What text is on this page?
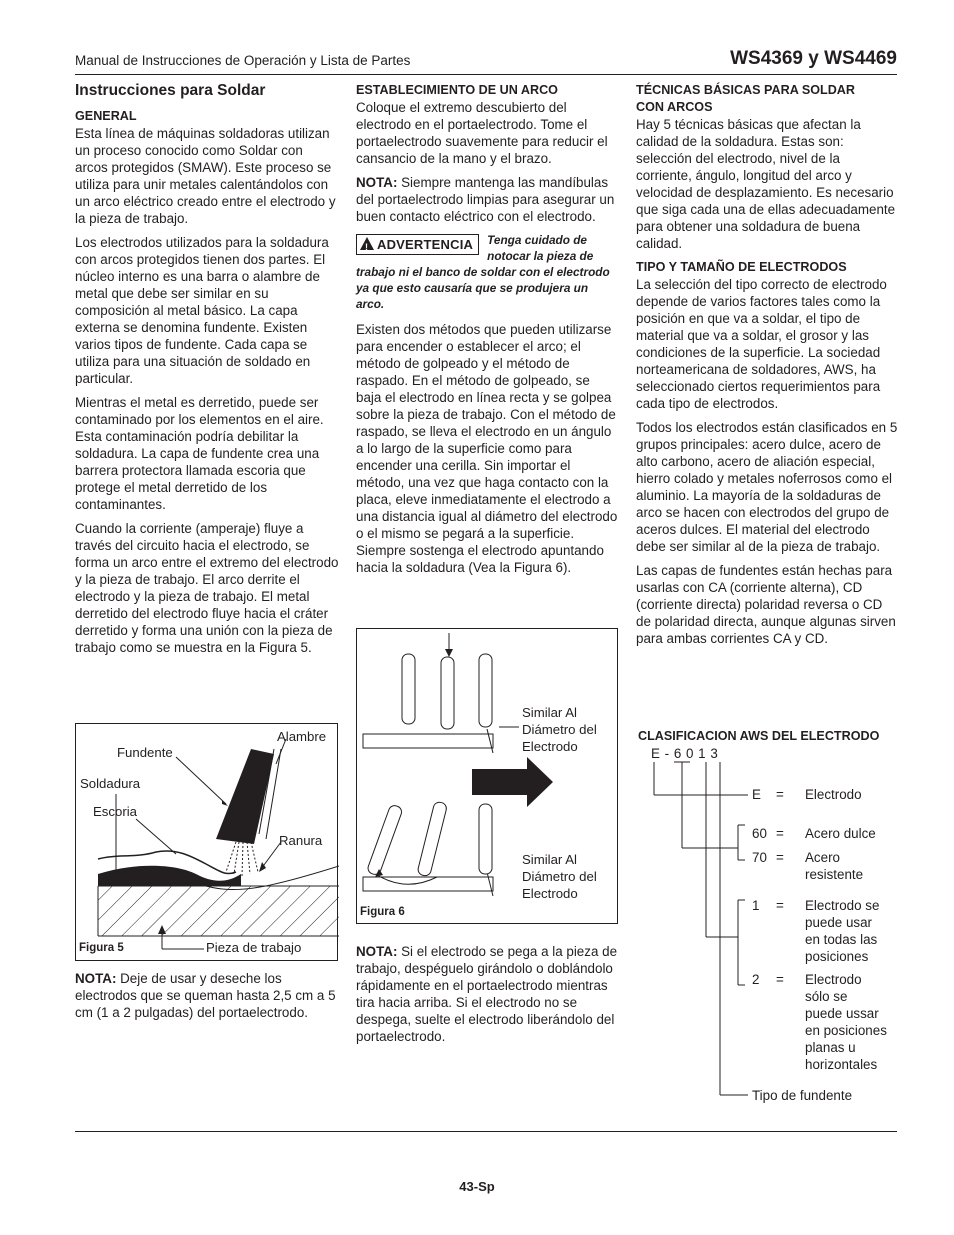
Manual de Instrucciones de Operación y Lista de Partes	WS4369 y WS4469
Instrucciones para Soldar
GENERAL

Esta línea de máquinas soldadoras utilizan un proceso conocido como Soldar con arcos protegidos (SMAW). Este proceso se utiliza para unir metales calentándolos con un arco eléctrico creado entre el electrodo y la pieza de trabajo.

Los electrodos utilizados para la soldadura con arcos protegidos tienen dos partes. El núcleo interno es una barra o alambre de metal que debe ser similar en su composición al metal básico. La capa externa se denomina fundente. Existen varios tipos de fundente. Cada capa se utiliza para una situación de soldado en particular.

Mientras el metal es derretido, puede ser contaminado por los elementos en el aire. Esta contaminación podría debilitar la soldadura. La capa de fundente crea una barrera protectora llamada escoria que protege el metal derretido de los contaminantes.

Cuando la corriente (amperaje) fluye a través del circuito hacia el electrodo, se forma un arco entre el extremo del electrodo y la pieza de trabajo. El arco derrite el electrodo y la pieza de trabajo. El metal derretido del electrodo fluye hacia el cráter derretido y forma una unión con la pieza de trabajo como se muestra en la Figura 5.

Alambre
Fundente
Soldadura
Escoria
Ranura
Pieza de trabajo
Figura 5

NOTA: Deje de usar y deseche los electrodos que se queman hasta 2,5 cm a 5 cm (1 a 2 pulgadas) del portaelectrodo.

ESTABLECIMIENTO DE UN ARCO

Coloque el extremo descubierto del electrodo en el portaelectrodo. Tome el portaelectrodo suavemente para reducir el cansancio de la mano y el brazo.

NOTA: Siempre mantenga las mandíbulas del portaelectrodo limpias para asegurar un buen contacto eléctrico con el electrodo.

! ADVERTENCIA	Tenga cuidado de notocar la pieza de trabajo ni el banco de soldar con el electrodo ya que esto causaría que se produjera un arco.

Existen dos métodos que pueden utilizarse para encender o establecer el arco; el método de golpeado y el método de raspado. En el método de golpeado, se baja el electrodo en línea recta y se golpea sobre la pieza de trabajo. Con el método de raspado, se lleva el electrodo en un ángulo a lo largo de la superficie como para encender una cerilla. Sin importar el método, una vez que haga contacto con la placa, eleve inmediatamente el electrodo a una distancia igual al diámetro del electrodo o el mismo se pegará a la superficie. Siempre sostenga el electrodo apuntando hacia la soldadura (Vea la Figura 6).

Similar Al
Diámetro del
Electrodo
Similar Al
Diámetro del
Electrodo
Figura 6

NOTA: Si el electrodo se pega a la pieza de trabajo, despéguelo girándolo o doblándolo rápidamente en el portaelectrodo mientras tira hacia arriba. Si el electrodo no se despega, suelte el electrodo liberándolo del portaelectrodo.

TÉCNICAS BÁSICAS PARA SOLDAR
CON ARCOS

Hay 5 técnicas básicas que afectan la calidad de la soldadura. Estas son: selección del electrodo, nivel de la corriente, ángulo, longitud del arco y velocidad de desplazamiento. Es necesario que siga cada una de ellas adecuadamente para obtener una soldadura de buena calidad.

TIPO Y TAMAÑO DE ELECTRODOS

La selección del tipo correcto de electrodo depende de varios factores tales como la posición en que va a soldar, el tipo de material que va a soldar, el grosor y las condiciones de la superficie. La sociedad norteamericana de soldadores, AWS, ha seleccionado ciertos requerimientos para cada tipo de electrodos.

Todos los electrodos están clasificados en 5 grupos principales: acero dulce, acero de alto carbono, acero de aliación especial, hierro colado y metales noferrosos como el aluminio. La mayoría de la soldaduras de arco se hacen con electrodos del grupo de aceros dulces. El material del electrodo debe ser similar al de la pieza de trabajo.

Las capas de fundentes están hechas para usarlas con CA (corriente alterna), CD (corriente directa) polaridad reversa o CD de polaridad directa, aunque algunas sirven para ambas corrientes CA y CD.

CLASIFICACION AWS DEL ELECTRODO
E - 6 0 1 3
E = Electrodo
60 = Acero dulce
70 = Acero
resistente
1 = Electrodo se
puede usar
en todas las
posiciones
2 = Electrodo
sólo se
puede ussar
en posiciones
planas u
horizontales
Tipo de fundente
43-Sp
